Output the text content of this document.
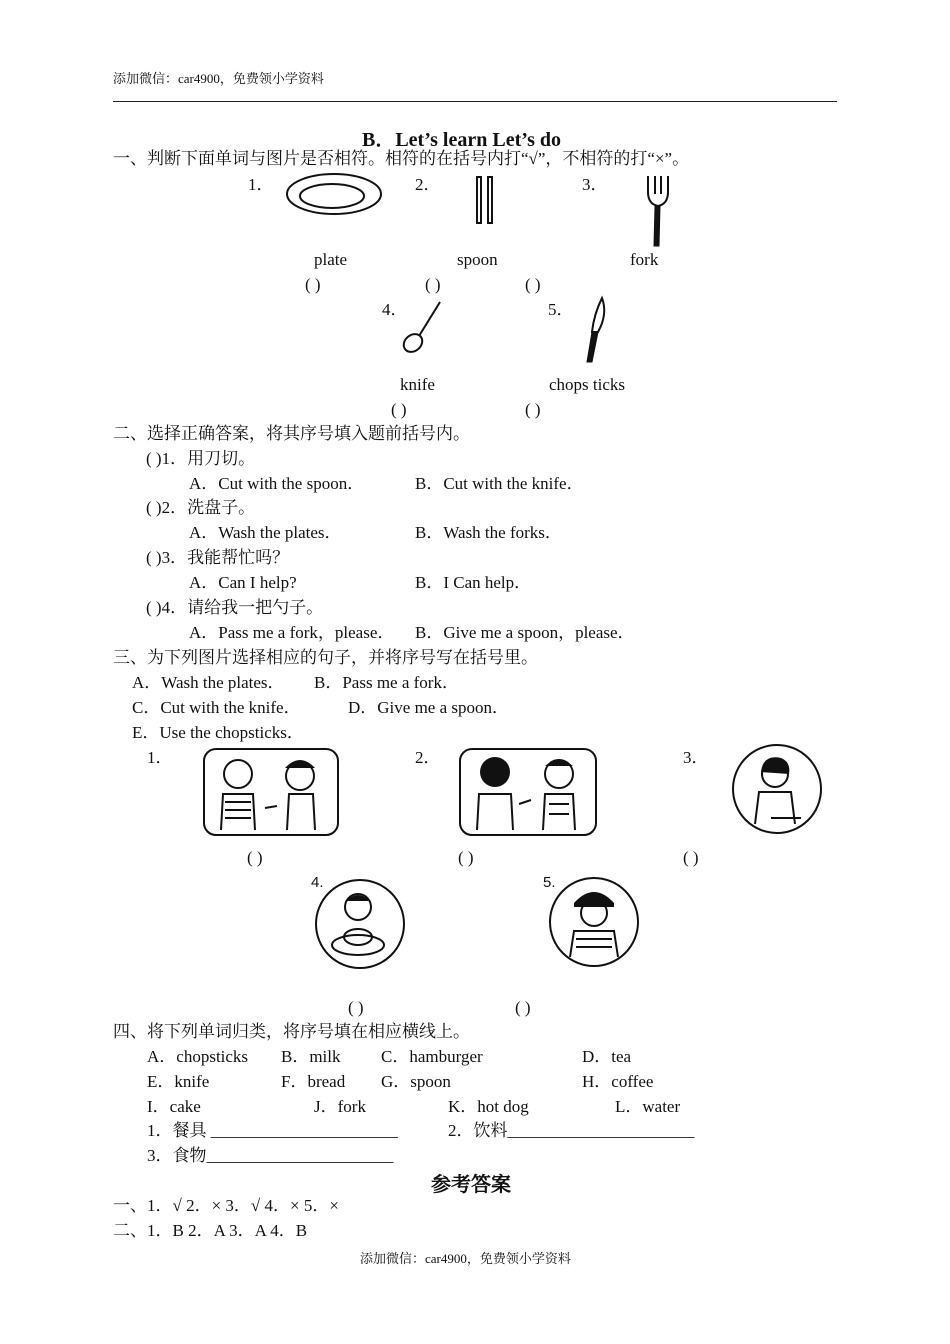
添加微信：car4900，免费领小学资料
B．Let’s learn Let’s do
一、判断下面单词与图片是否相符。相符的在括号内打“√”，不相符的打“×”。
1．	2．	3．
plate	spoon	fork
( )	( )	( )
4．	5．
knife	chops ticks
( )	( )
二、选择正确答案，将其序号填入题前括号内。
( )1．用刀切。
A．Cut with the spoon．	B．Cut with the knife．
( )2．洗盘子。
A．Wash the plates．	B．Wash the forks．
( )3．我能帮忙吗？
A．Can I help?	B．I Can help．
( )4．请给我一把勺子。
A．Pass me a fork，please． B．Give me a spoon，please．
三、为下列图片选择相应的句子，并将序号写在括号里。
A．Wash the plates． B．Pass me a fork．
C．Cut with the knife．	D．Give me a spoon．
E．Use the chopsticks．
1．	2．	3．
( )	( )	( )
4.	5.
( )	( )
四、将下列单词归类，将序号填在相应横线上。
A．chopsticks B．milk C．hamburger	D．tea
E．knife	F．bread G．spoon	H．coffee
I．cake	J．fork	K．hot dog	L．water
1．餐具 ______________________	2．饮料______________________
3．食物______________________
参考答案
一、1．√ 2．× 3．√ 4．× 5．×
二、1．B 2．A 3．A 4．B
添加微信：car4900，免费领小学资料
